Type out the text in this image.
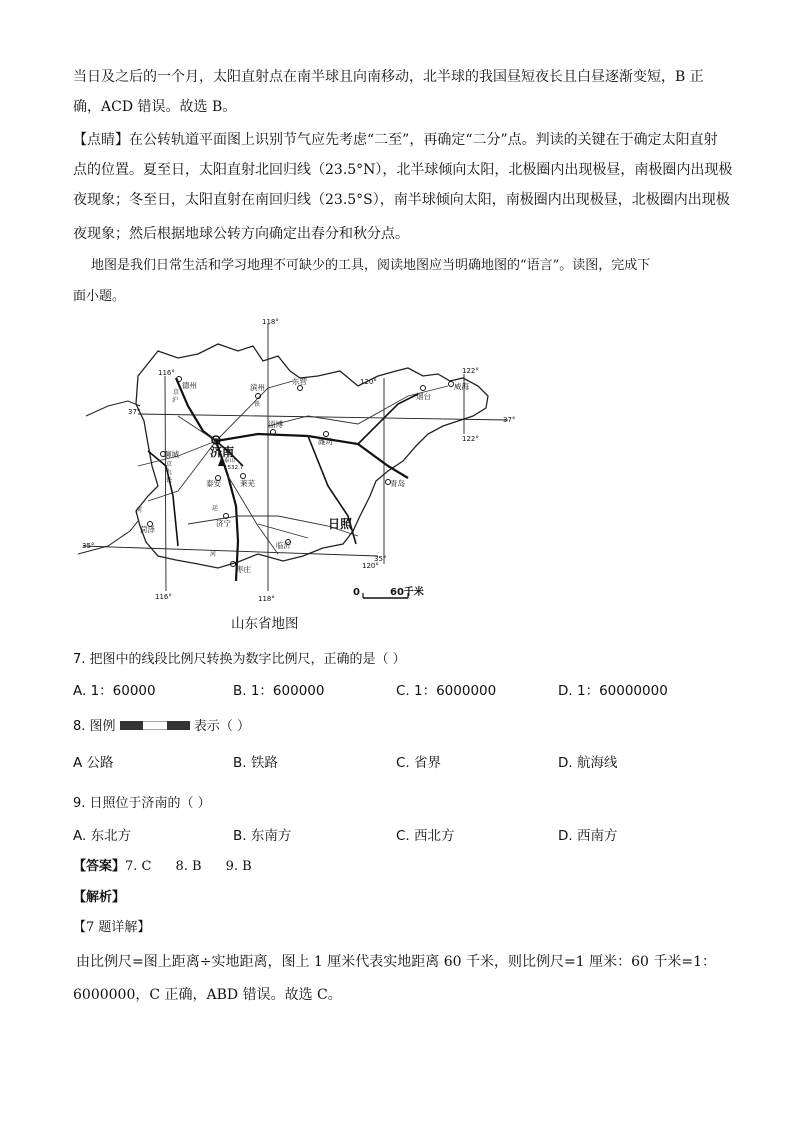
当日及之后的一个月，太阳直射点在南半球且向南移动，北半球的我国昼短夜长且白昼逐渐变短，B 正
确，ACD 错误。故选 B。
【点睛】在公转轨道平面图上识别节气应先考虑“二至”，再确定“二分”点。判读的关键在于确定太阳直射
点的位置。夏至日，太阳直射北回归线（23.5°N），北半球倾向太阳，北极圈内出现极昼，南极圈内出现极
夜现象；冬至日，太阳直射在南回归线（23.5°S），南半球倾向太阳，南极圈内出现极昼，北极圈内出现极
夜现象；然后根据地球公转方向确定出春分和秋分点。
地图是我们日常生活和学习地理不可缺少的工具，阅读地图应当明确地图的“语言”。读图，完成下
面小题。
118°
116°
120°
122°
122°
120°
116°	118°
37°
37°
35°
35°
德州	滨州
东营
烟台
威海
淄博
潍坊
聊城
泰山
1532.7
泰安	莱芜	青岛
济宁
菏泽
临沂
枣庄
济南
日照
京
沪
铁
京
九
铁
运
河
河
0	60千米
山东省地图
7. 把图中的线段比例尺转换为数字比例尺，正确的是（ ）
A. 1：60000	B. 1：600000	C. 1：6000000	D. 1：60000000
8. 图例	表示（ ）
A 公路	B. 铁路	C. 省界	D. 航海线
9. 日照位于济南的（ ）
A. 东北方	B. 东南方	C. 西北方	D. 西南方
【答案】7. C 8. B 9. B
【解析】
【7 题详解】
由比例尺=图上距离÷实地距离，图上 1 厘米代表实地距离 60 千米，则比例尺=1 厘米：60 千米=1：
6000000，C 正确，ABD 错误。故选 C。
